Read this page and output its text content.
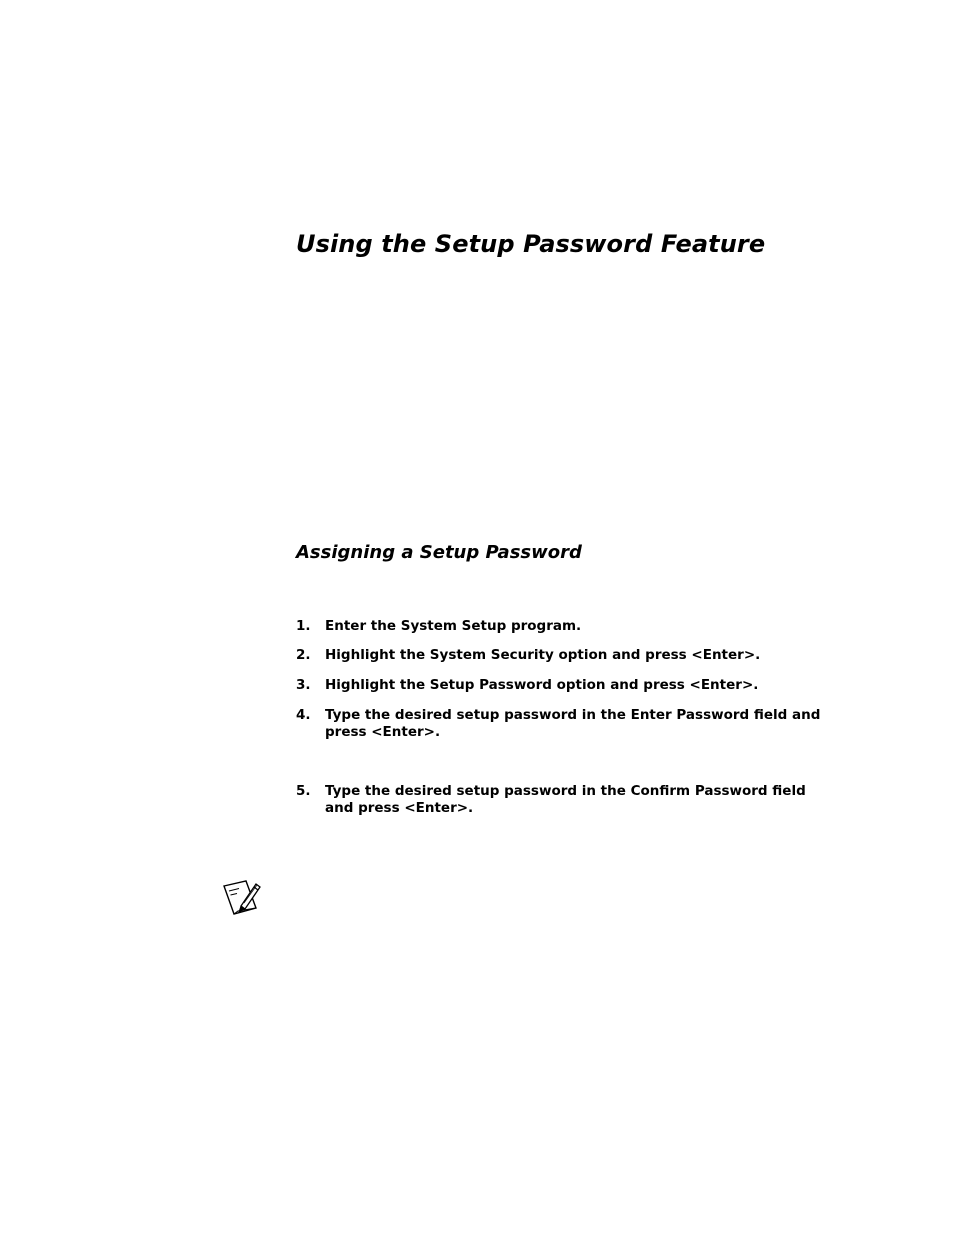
Using the Setup Password Feature
Assigning a Setup Password
1.	Enter the System Setup program.
2.	Highlight the System Security option and press <Enter>.
3.	Highlight the Setup Password option and press <Enter>.
4.	Type the desired setup password in the Enter Password field and press <Enter>.
5.	Type the desired setup password in the Confirm Password field and press <Enter>.
